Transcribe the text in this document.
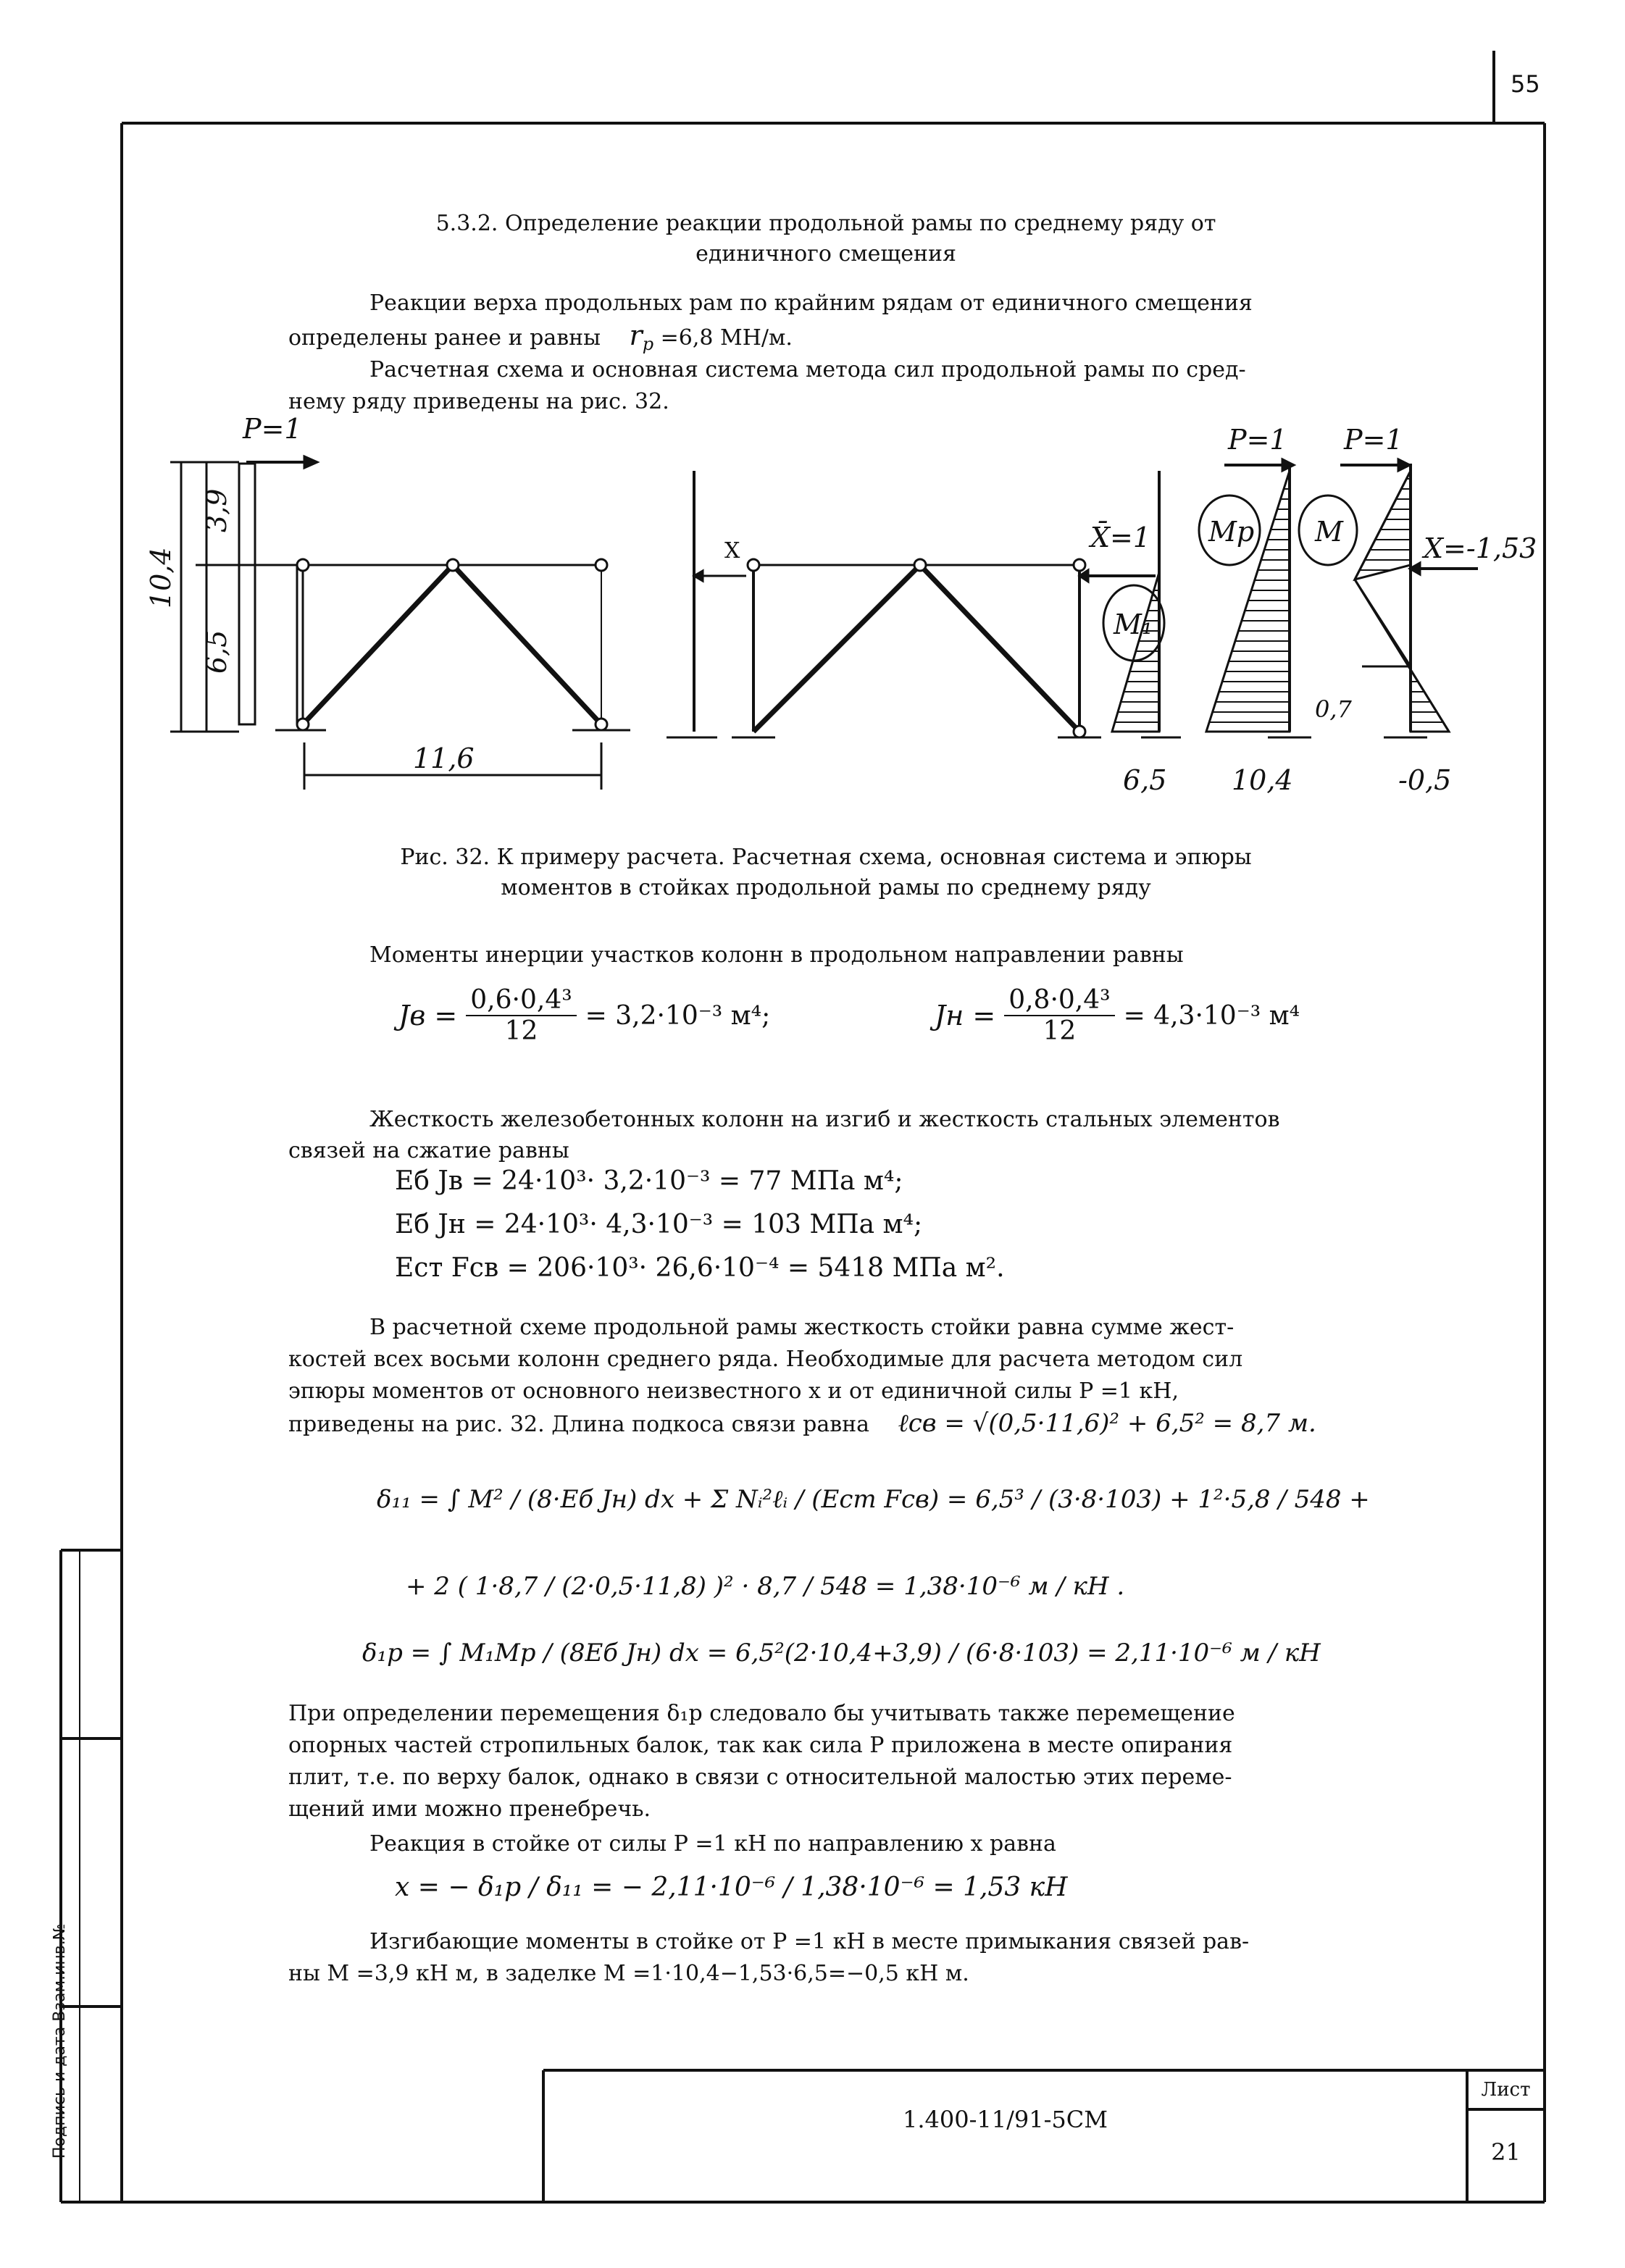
Подпись и дата Взам.инв.№
55
5.3.2. Определение реакции продольной рамы по среднему ряду от
единичного смещения
Реакции верха продольных рам по крайним рядам от единичного смещения
определены ранее и равны $r_p =6,8$ МН/м.
Расчетная схема и основная система метода сил продольной рамы по сред-
нему ряду приведены на рис. 32.
P=1
10,4
3,9
6,5
11,6
X	X̄=1
M₁
Mp M
P=1 P=1
X=-1,53
0,7
6,5 10,4	-0,5
Рис. 32. К примеру расчета. Расчетная схема, основная система и эпюры
моментов в стойках продольной рамы по среднему ряду
Моменты инерции участков колонн в продольном направлении равны
Jв = $\frac{\text{0,6·0,4³}}{12} = 3,2\cdot 10^{-3}$ м⁴;	Jн = $\frac{\text{0,8·0,4³}}{12} = 4,3\cdot 10^{-3}$ м⁴
Жесткость железобетонных колонн на изгиб и жесткость стальных элементов
связей на сжатие равны
Eб Jв = 24·10³· 3,2·10⁻³ = 77 МПа м⁴;
Eб Jн = 24·10³· 4,3·10⁻³ = 103 МПа м⁴;
Eст Fсв = 206·10³· 26,6·10⁻⁴ = 5418 МПа м².
В расчетной схеме продольной рамы жесткость стойки равна сумме жест-
костей всех восьми колонн среднего ряда. Необходимые для расчета методом сил
эпюры моментов от основного неизвестного x и от единичной силы P =1 кН,
приведены на рис. 32. Длина подкоса связи равна ℓсв = √(0,5·11,6)² + 6,5² = 8,7 м.
δ₁₁ = ∫ M² / (8·Eб Jн) dx + Σ Nᵢ²ℓᵢ / (Eст Fсв) = 6,5³ / (3·8·103) + 1²·5,8 / 548 +
+ 2 ( 1·8,7 / (2·0,5·11,8) )² · 8,7 / 548 = 1,38·10⁻⁶ м / кН .
δ₁p = ∫ M₁Mp / (8Eб Jн) dx = 6,5²(2·10,4+3,9) / (6·8·103) = 2,11·10⁻⁶ м / кН
При определении перемещения δ₁p следовало бы учитывать также перемещение
опорных частей стропильных балок, так как сила P приложена в месте опирания
плит, т.е. по верху балок, однако в связи с относительной малостью этих переме-
щений ими можно пренебречь.
Реакция в стойке от силы P =1 кН по направлению x равна
x = − δ₁p / δ₁₁ = − 2,11·10⁻⁶ / 1,38·10⁻⁶ = 1,53 кН
Изгибающие моменты в стойке от P =1 кН в месте примыкания связей рав-
ны M =3,9 кН м, в заделке M =1·10,4−1,53·6,5=−0,5 кН м.
1.400-11/91-5CM
Лист
21
